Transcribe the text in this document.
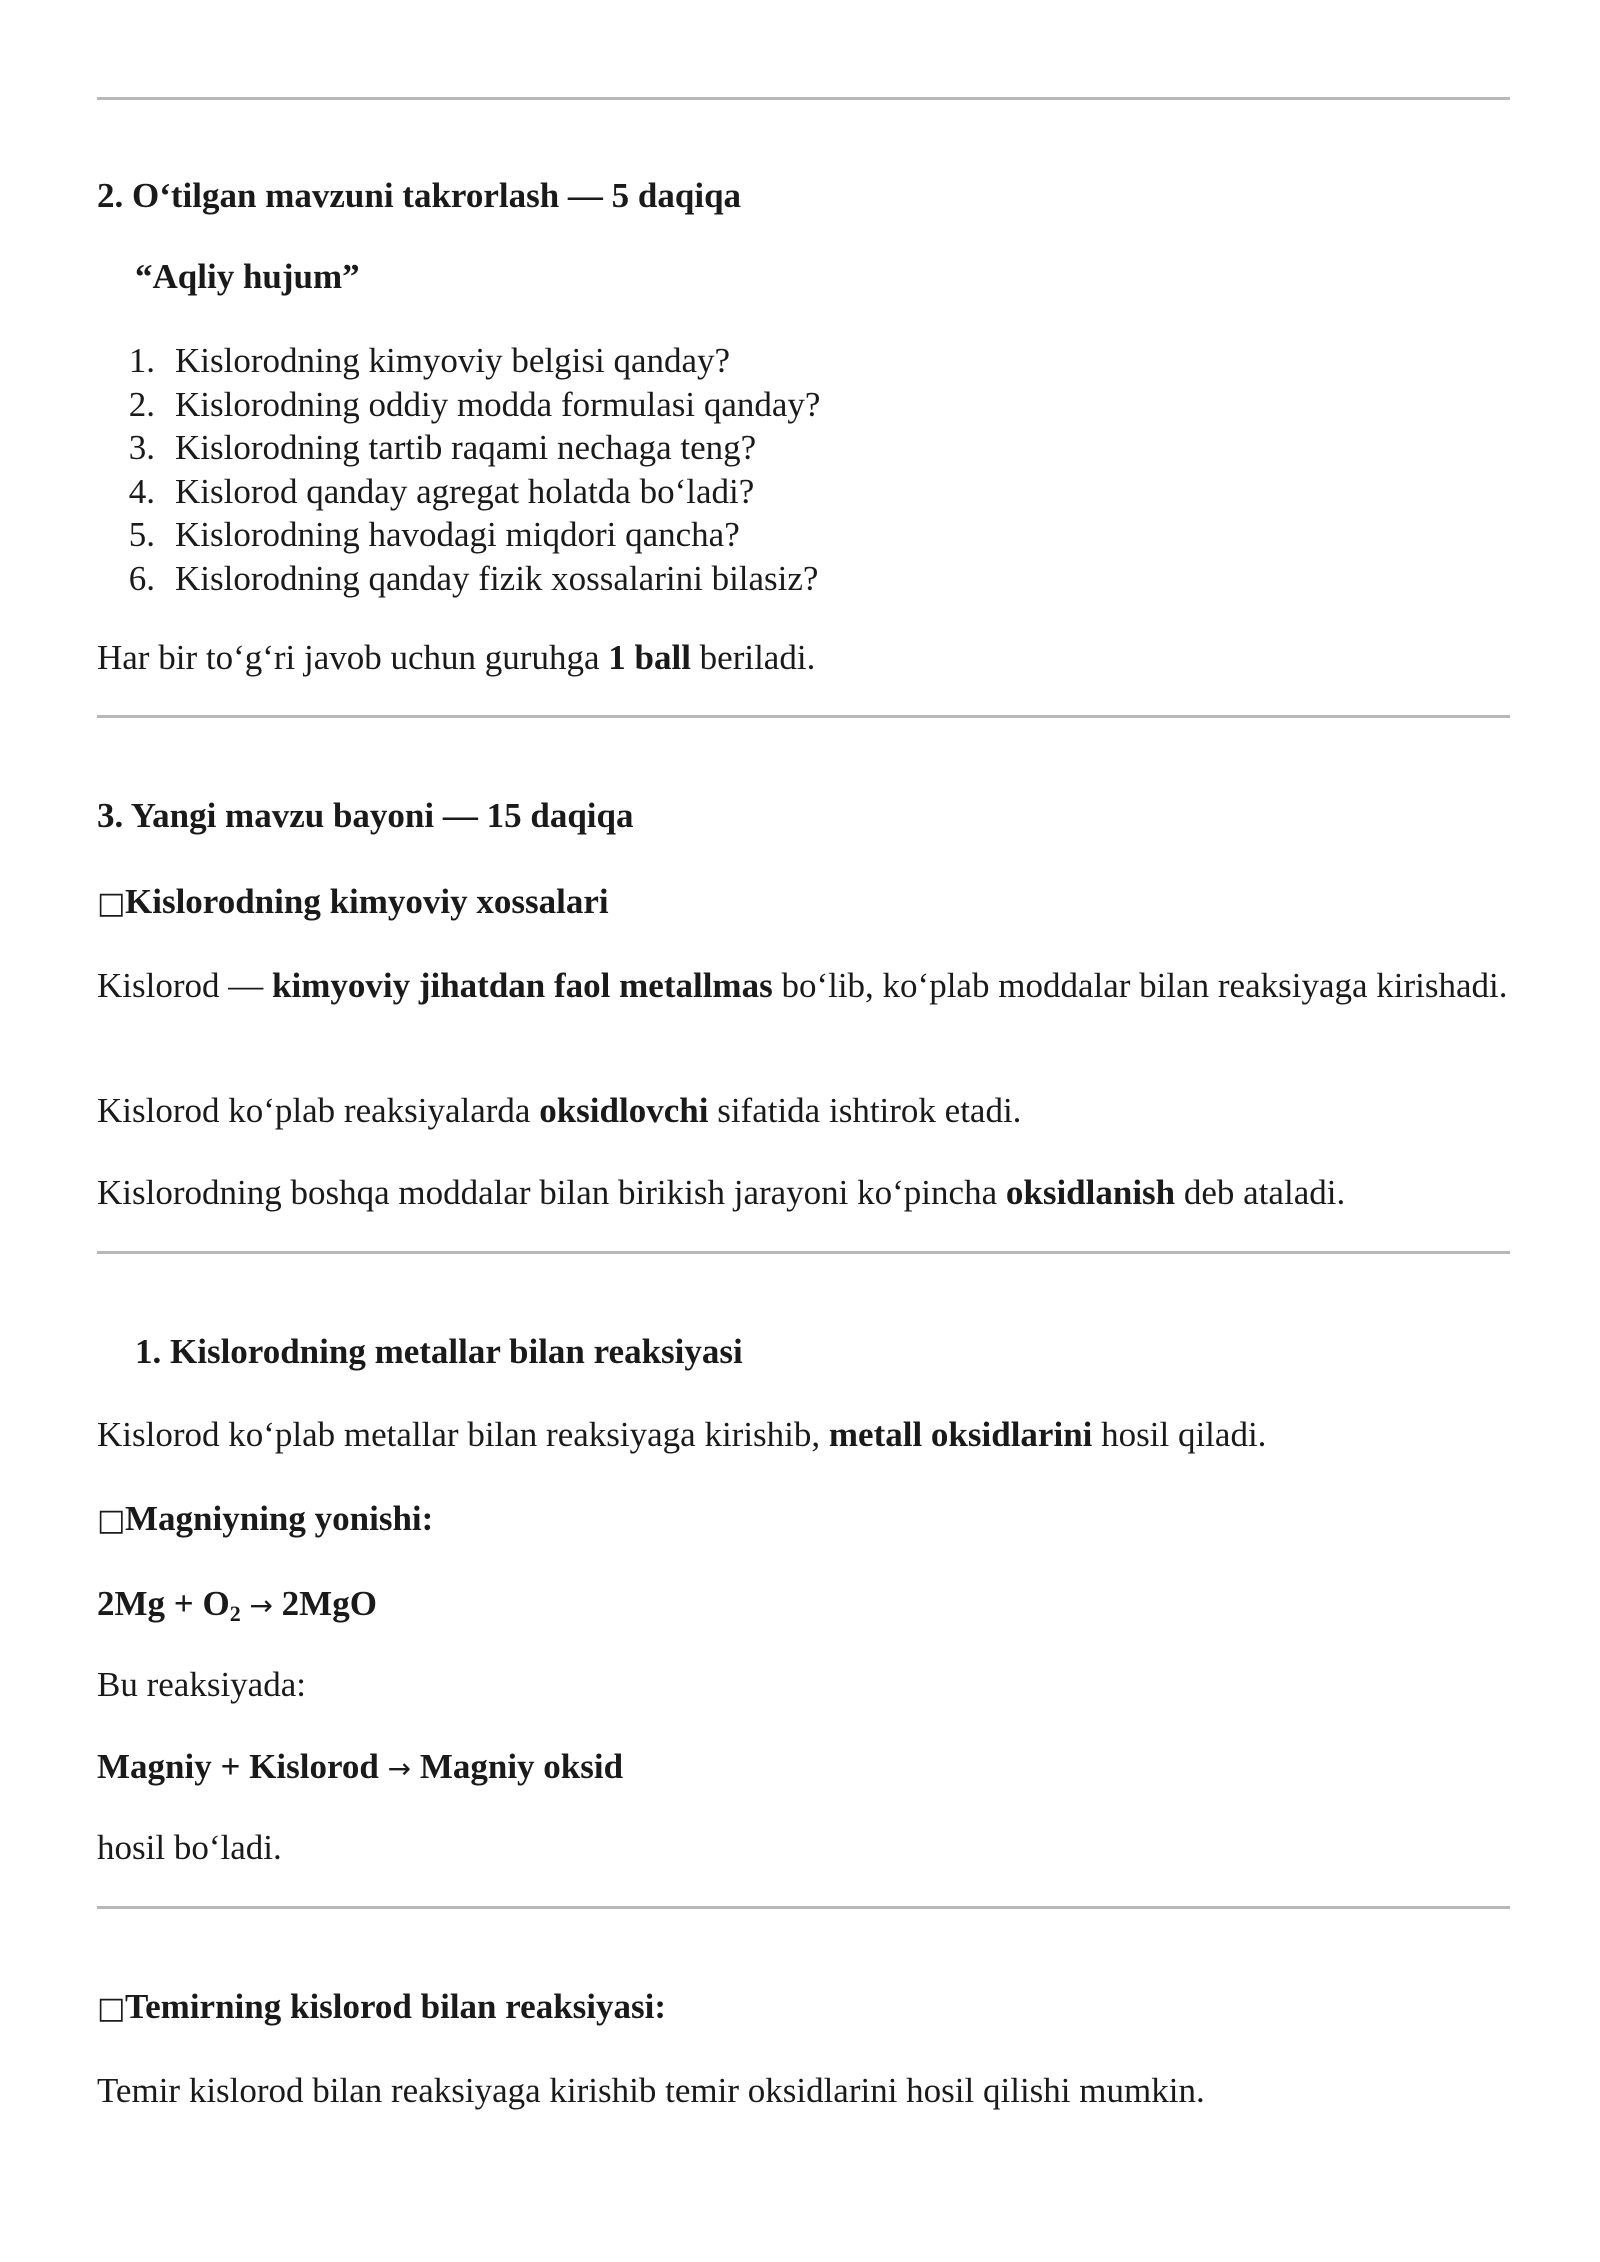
2. O‘tilgan mavzuni takrorlash — 5 daqiqa
“Aqliy hujum”
1. Kislorodning kimyoviy belgisi qanday?
2. Kislorodning oddiy modda formulasi qanday?
3. Kislorodning tartib raqami nechaga teng?
4. Kislorod qanday agregat holatda bo‘ladi?
5. Kislorodning havodagi miqdori qancha?
6. Kislorodning qanday fizik xossalarini bilasiz?
Har bir to‘g‘ri javob uchun guruhga 1 ball beriladi.
3. Yangi mavzu bayoni — 15 daqiqa
□Kislorodning kimyoviy xossalari
Kislorod — kimyoviy jihatdan faol metallmas bo‘lib, ko‘plab moddalar bilan reaksiyaga kirishadi.
Kislorod ko‘plab reaksiyalarda oksidlovchi sifatida ishtirok etadi.
Kislorodning boshqa moddalar bilan birikish jarayoni ko‘pincha oksidlanish deb ataladi.
1. Kislorodning metallar bilan reaksiyasi
Kislorod ko‘plab metallar bilan reaksiyaga kirishib, metall oksidlarini hosil qiladi.
□Magniyning yonishi:
$2Mg + O_2 \to 2MgO$
Bu reaksiyada:
Magniy + Kislorod → Magniy oksid
hosil bo‘ladi.
□Temirning kislorod bilan reaksiyasi:
Temir kislorod bilan reaksiyaga kirishib temir oksidlarini hosil qilishi mumkin.
